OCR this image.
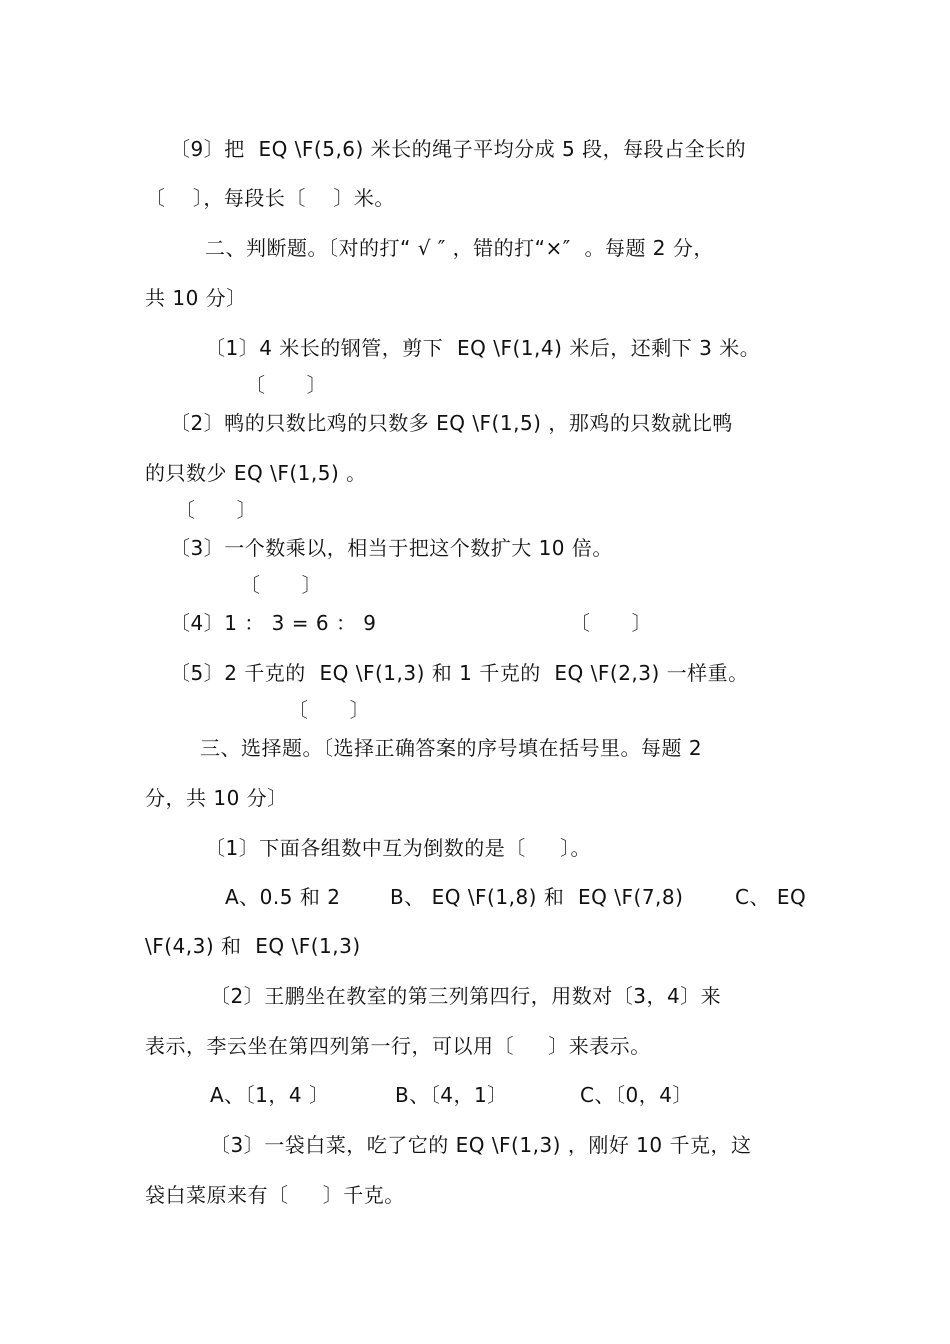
〔9〕把  EQ \F(5,6) 米长的绳子平均分成 5 段，每段占全长的
〔    〕，每段长〔    〕米。
二、判断题。〔对的打“ √ ″ ，错的打“×″  。每题 2 分，
共 10 分〕
〔1〕4 米长的钢管，剪下  EQ \F(1,4) 米后，还剩下 3 米。
〔      〕
〔2〕鸭的只数比鸡的只数多 EQ \F(1,5) ，那鸡的只数就比鸭
的只数少 EQ \F(1,5) 。
〔      〕
〔3〕一个数乘以，相当于把这个数扩大 10 倍。
〔      〕
〔4〕1 ： 3 = 6 ： 9	〔      〕
〔5〕2 千克的  EQ \F(1,3) 和 1 千克的  EQ \F(2,3) 一样重。
〔      〕
三、选择题。〔选择正确答案的序号填在括号里。每题 2
分，共 10 分〕
〔1〕下面各组数中互为倒数的是〔     〕。
A、0.5 和 2 B、 EQ \F(1,8) 和  EQ \F(7,8)	C、 EQ
\F(4,3) 和  EQ \F(1,3)
〔2〕王鹏坐在教室的第三列第四行，用数对〔3，4〕来
表示，李云坐在第四列第一行，可以用〔     〕来表示。
A、〔1，4 〕	B、〔4，1〕	C、〔0，4〕
〔3〕一袋白菜，吃了它的 EQ \F(1,3) ，刚好 10 千克，这
袋白菜原来有〔     〕千克。
